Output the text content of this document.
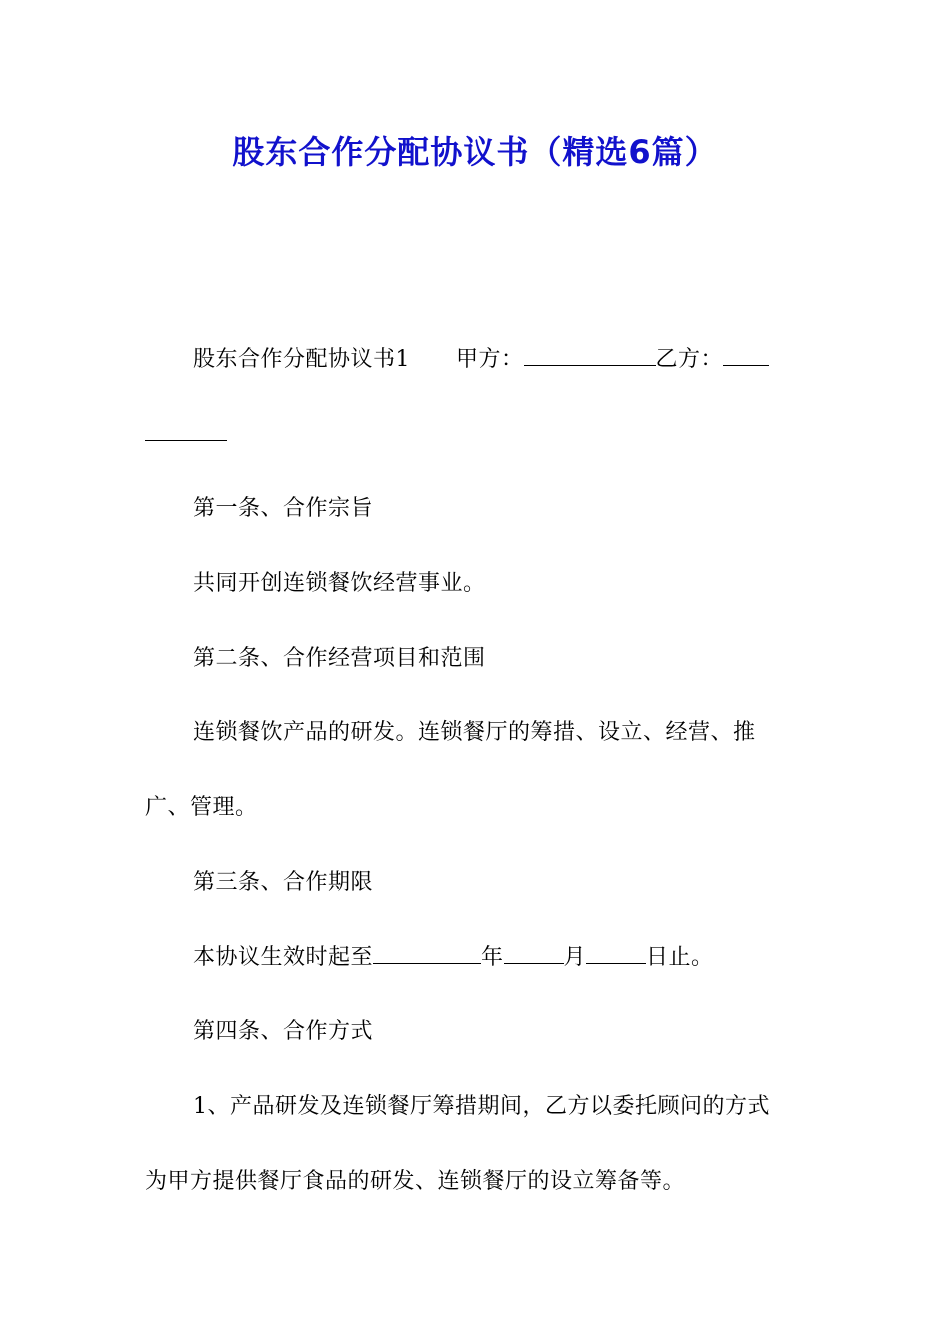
股东合作分配协议书（精选6篇）
股东合作分配协议书1 甲方：	乙方：
第一条、合作宗旨
共同开创连锁餐饮经营事业。
第二条、合作经营项目和范围
连锁餐饮产品的研发。连锁餐厅的筹措、设立、经营、推
广、管理。
第三条、合作期限
本协议生效时起至	年	月	日止。
第四条、合作方式
1、产品研发及连锁餐厅筹措期间，乙方以委托顾问的方式
为甲方提供餐厅食品的研发、连锁餐厅的设立筹备等。
